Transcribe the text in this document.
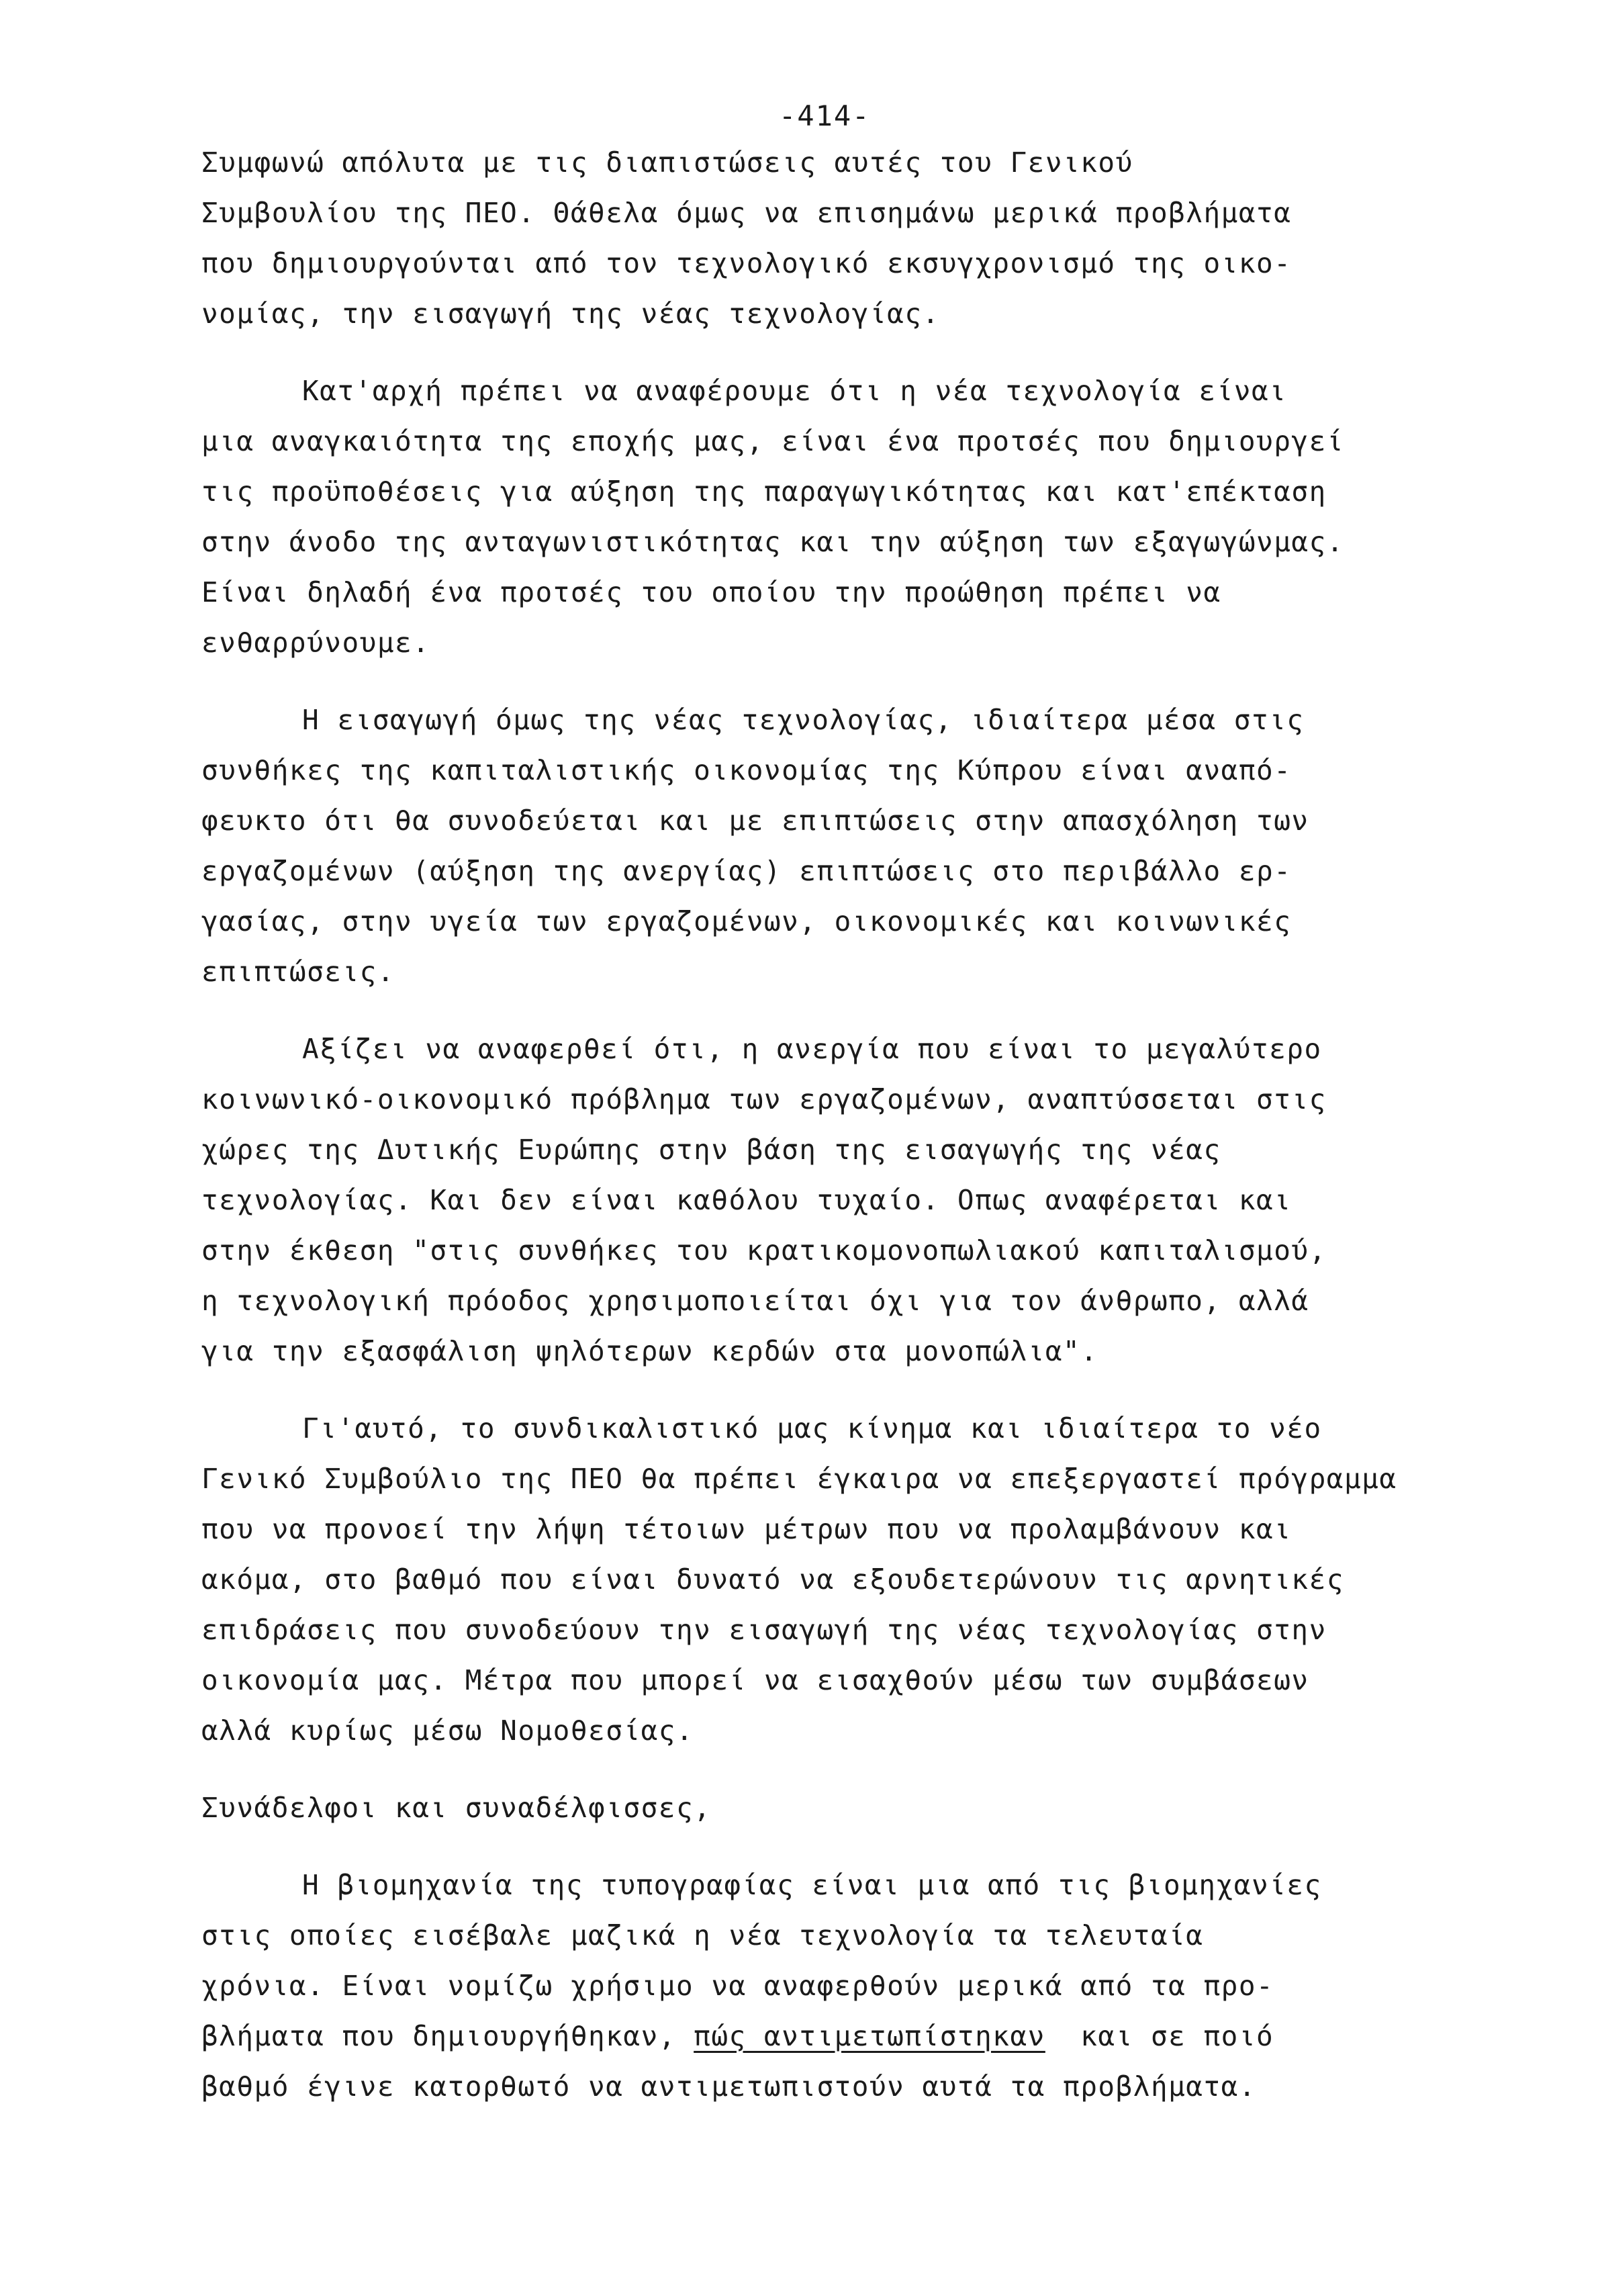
-414-
Συμφωνώ απόλυτα με τις διαπιστώσεις αυτές του Γενικού
Συμβουλίου της ΠΕΟ. Θάθελα όμως να επισημάνω μερικά προβλήματα
που δημιουργούνται από τον τεχνολογικό εκσυγχρονισμό της οικο-
νομίας, την εισαγωγή της νέας τεχνολογίας.
Κατ'αρχή πρέπει να αναφέρουμε ότι η νέα τεχνολογία είναι
μια αναγκαιότητα της εποχής μας, είναι ένα προτσές που δημιουργεί
τις προϋποθέσεις για αύξηση της παραγωγικότητας και κατ'επέκταση
στην άνοδο της ανταγωνιστικότητας και την αύξηση των εξαγωγώνμας.
Είναι δηλαδή ένα προτσές του οποίου την προώθηση πρέπει να
ενθαρρύνουμε.
Η εισαγωγή όμως της νέας τεχνολογίας, ιδιαίτερα μέσα στις
συνθήκες της καπιταλιστικής οικονομίας της Κύπρου είναι αναπό-
φευκτο ότι θα συνοδεύεται και με επιπτώσεις στην απασχόληση των
εργαζομένων (αύξηση της ανεργίας) επιπτώσεις στο περιβάλλο ερ-
γασίας, στην υγεία των εργαζομένων, οικονομικές και κοινωνικές
επιπτώσεις.
Αξίζει να αναφερθεί ότι, η ανεργία που είναι το μεγαλύτερο
κοινωνικό-οικονομικό πρόβλημα των εργαζομένων, αναπτύσσεται στις
χώρες της Δυτικής Ευρώπης στην βάση της εισαγωγής της νέας
τεχνολογίας. Και δεν είναι καθόλου τυχαίο. Οπως αναφέρεται και
στην έκθεση "στις συνθήκες του κρατικομονοπωλιακού καπιταλισμού,
η τεχνολογική πρόοδος χρησιμοποιείται όχι για τον άνθρωπο, αλλά
για την εξασφάλιση ψηλότερων κερδών στα μονοπώλια".
Γι'αυτό, το συνδικαλιστικό μας κίνημα και ιδιαίτερα το νέο
Γενικό Συμβούλιο της ΠΕΟ θα πρέπει έγκαιρα να επεξεργαστεί πρόγραμμα
που να προνοεί την λήψη τέτοιων μέτρων που να προλαμβάνουν και
ακόμα, στο βαθμό που είναι δυνατό να εξουδετερώνουν τις αρνητικές
επιδράσεις που συνοδεύουν την εισαγωγή της νέας τεχνολογίας στην
οικονομία μας. Μέτρα που μπορεί να εισαχθούν μέσω των συμβάσεων
αλλά κυρίως μέσω Νομοθεσίας.
Συνάδελφοι και συναδέλφισσες,
Η βιομηχανία της τυπογραφίας είναι μια από τις βιομηχανίες
στις οποίες εισέβαλε μαζικά η νέα τεχνολογία τα τελευταία
χρόνια. Είναι νομίζω χρήσιμο να αναφερθούν μερικά από τα προ-
βλήματα που δημιουργήθηκαν, πώς αντιμετωπίστηκαν  και σε ποιό
βαθμό έγινε κατορθωτό να αντιμετωπιστούν αυτά τα προβλήματα.
